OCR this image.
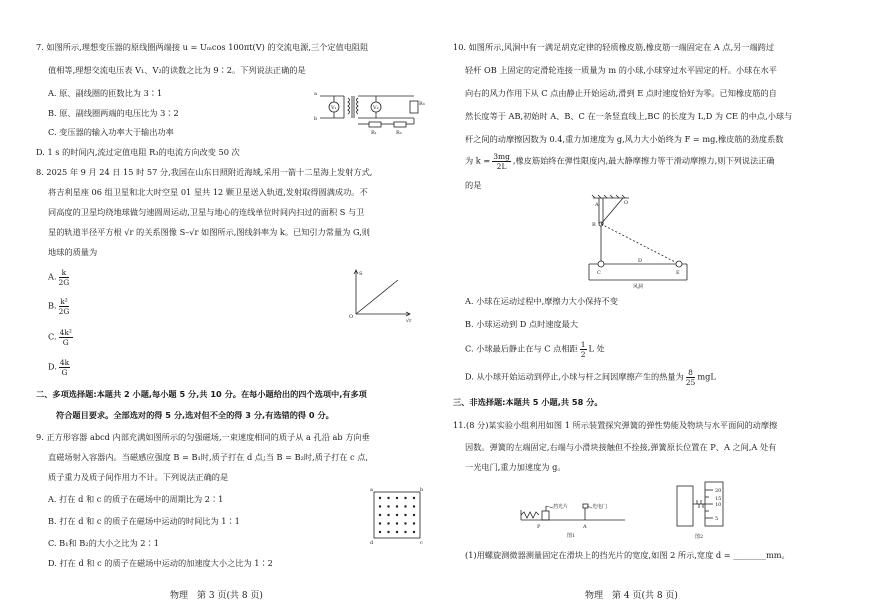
7. 如图所示,理想变压器的原线圈两端接 u = Uₘcos 100πt(V) 的交流电源,三个定值电阻阻
值相等,理想交流电压表 V₁、V₂的读数之比为 9∶2。下列说法正确的是
A. 原、副线圈的匝数比为 3∶1
B. 原、副线圈两端的电压比为 3∶2
C. 变压器的输入功率大于输出功率
D. 1 s 的时间内,流过定值电阻 R₃的电流方向改变 50 次
a
b
V₁	V₂
R₁	R₂
R₃
8. 2025 年 9 月 24 日 15 时 57 分,我国在山东日照附近海域,采用一箭十二星海上发射方式,
将吉利星座 06 组卫星和北大时空星 01 星共 12 颗卫星送入轨道,发射取得圆满成功。不
同高度的卫星均绕地球做匀速圆周运动,卫星与地心的连线单位时间内扫过的面积 S 与卫
星的轨道半径平方根 √r 的关系图像 S–√r 如图所示,图线斜率为 k。已知引力常量为 G,则
地球的质量为
A. $\frac{k}{2G}$
B. $\frac{\text{k²}}{2G}$
C. $\frac{\text{4k²}}{G}$
D. $\frac{4k}{G}$
S
√r
O
二、多项选择题:本题共 2 小题,每小题 5 分,共 10 分。在每小题给出的四个选项中,有多项
符合题目要求。全部选对的得 5 分,选对但不全的得 3 分,有选错的得 0 分。
9. 正方形容器 abcd 内部充满如图所示的匀强磁场,一束速度相同的质子从 a 孔沿 ab 方向垂
直磁场射入容器内。当磁感应强度 B = B₁时,质子打在 d 点;当 B = B₂时,质子打在 c 点,
质子重力及质子间作用力不计。下列说法正确的是
A. 打在 d 和 c 的质子在磁场中的周期比为 2∶1
B. 打在 d 和 c 的质子在磁场中运动的时间比为 1∶1
C. B₁和 B₂的大小之比为 2∶1
D. 打在 d 和 c 的质子在磁场中运动的加速度大小之比为 1∶2
a	b
c
d
物理　第 3 页(共 8 页)
10. 如图所示,风洞中有一满足胡克定律的轻质橡皮筋,橡皮筋一端固定在 A 点,另一端跨过
轻杆 OB 上固定的定滑轮连接一质量为 m 的小球,小球穿过水平固定的杆。小球在水平
向右的风力作用下从 C 点由静止开始运动,滑到 E 点时速度恰好为零。已知橡皮筋的自
然长度等于 AB,初始时 A、B、C 在一条竖直线上,BC 的长度为 L,D 为 CE 的中点,小球与
杆之间的动摩擦因数为 0.4,重力加速度为 g,风力大小始终为 F = mg,橡皮筋的劲度系数
为 $k = \frac{3mg}{2L}$ ,橡皮筋始终在弹性限度内,最大静摩擦力等于滑动摩擦力,则下列说法正确
的是
O
A
B
C
D
E
风洞
A. 小球在运动过程中,摩擦力大小保持不变
B. 小球运动到 D 点时速度最大
C. 小球最后静止在与 C 点相距 $\frac{1}{2}$ L 处
D. 从小球开始运动到停止,小球与杆之间因摩擦产生的热量为 $\frac{8}{25}$ mgL
三、非选择题:本题共 5 小题,共 58 分。
11.(8 分)某实验小组利用如图 1 所示装置探究弹簧的弹性势能及物块与水平面间的动摩擦
因数。弹簧的左端固定,右端与小滑块接触但不拴接,弹簧原长位置在 P、A 之间,A 处有
一光电门,重力加速度为 g。
挡光片	光电门
P	A
图1
20
15
10
5
图2
(1)用螺旋测微器测量固定在滑块上的挡光片的宽度,如图 2 所示,宽度 d = ________mm。
物理　第 4 页(共 8 页)
